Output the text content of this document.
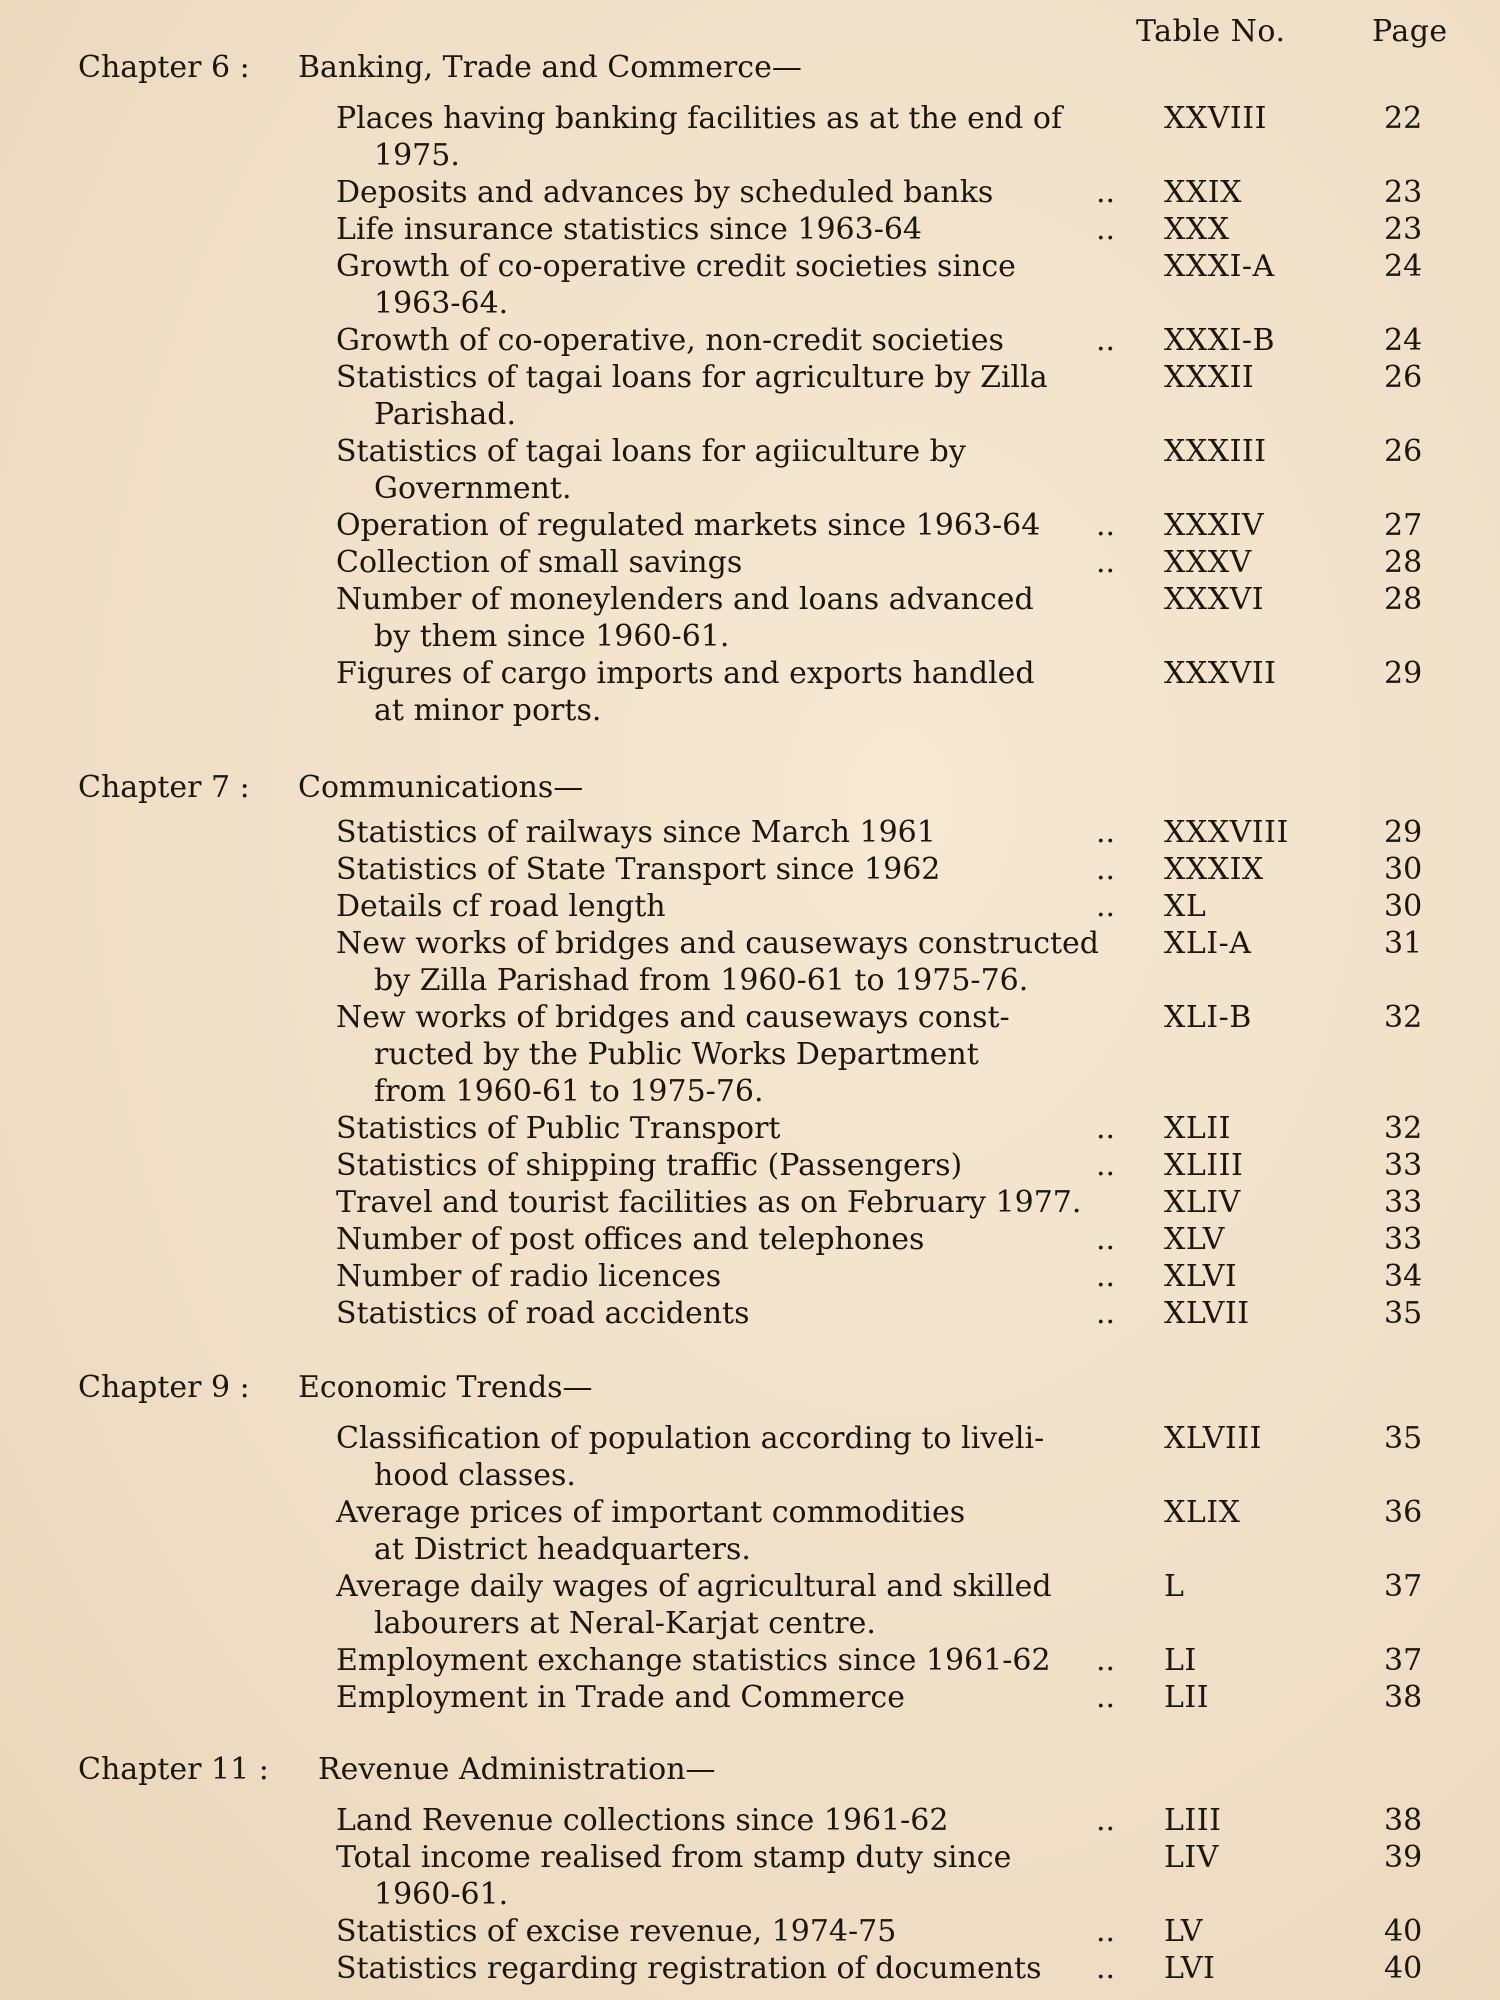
Table No.	Page
Chapter 6 : Banking, Trade and Commerce—
Places having banking facilities as at the end of
1975.
XXVIII	22
Deposits and advances by scheduled banks	.. XXIX	23
Life insurance statistics since 1963-64	.. XXX	23
Growth of co-operative credit societies since
1963-64.
XXXI-A	24
Growth of co-operative, non-credit societies	.. XXXI-B	24
Statistics of tagai loans for agriculture by Zilla
Parishad.
XXXII	26
Statistics of tagai loans for agiiculture by
Government.
XXXIII	26
Operation of regulated markets since 1963-64	.. XXXIV	27
Collection of small savings	.. XXXV	28
Number of moneylenders and loans advanced
by them since 1960-61.
XXXVI	28
Figures of cargo imports and exports handled
at minor ports.
XXXVII	29
Chapter 7 : Communications—
Statistics of railways since March 1961	.. XXXVIII	29
Statistics of State Transport since 1962	.. XXXIX	30
Details cf road length	.. XL	30
New works of bridges and causeways constructed
by Zilla Parishad from 1960-61 to 1975-76.
XLI-A	31
New works of bridges and causeways const-
ructed by the Public Works Department
from 1960-61 to 1975-76.
XLI-B	32
Statistics of Public Transport	.. XLII	32
Statistics of shipping traffic (Passengers)	.. XLIII	33
Travel and tourist facilities as on February 1977.	XLIV	33
Number of post offices and telephones	.. XLV	33
Number of radio licences	.. XLVI	34
Statistics of road accidents	.. XLVII	35
Chapter 9 : Economic Trends—
Classification of population according to liveli-
hood classes.
XLVIII	35
Average prices of important commodities
at District headquarters.
XLIX	36
Average daily wages of agricultural and skilled
labourers at Neral-Karjat centre.
L	37
Employment exchange statistics since 1961-62	.. LI	37
Employment in Trade and Commerce	.. LII	38
Chapter 11 : Revenue Administration—
Land Revenue collections since 1961-62	.. LIII	38
Total income realised from stamp duty since
1960-61.
LIV	39
Statistics of excise revenue, 1974-75	.. LV	40
Statistics regarding registration of documents	.. LVI	40
